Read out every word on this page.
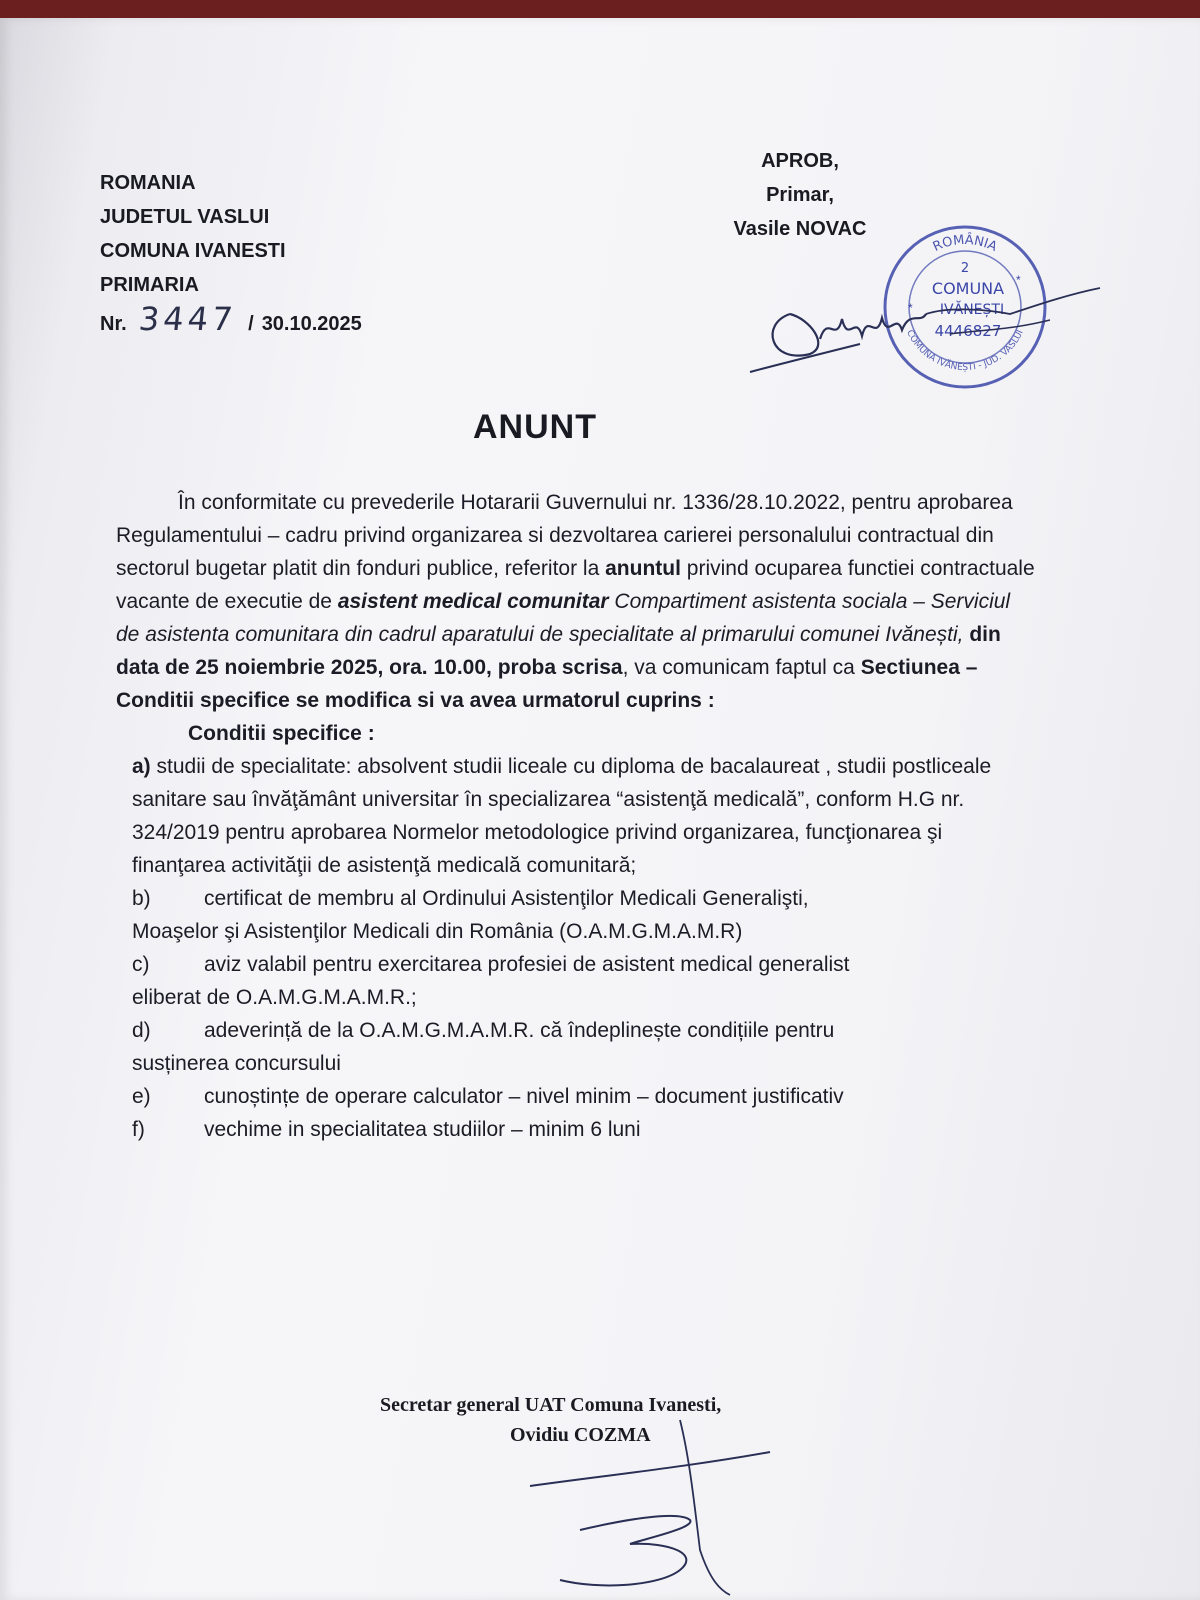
ROMANIA
JUDETUL VASLUI
COMUNA IVANESTI
PRIMARIA
Nr. 3447 / 30.10.2025
APROB,
Primar,
Vasile NOVAC
ROMÂNIA
COMUNA IVĂNEȘTI - JUD. VASLUI
2
COMUNA
IVĂNEȘTI
4446827
*
*
ANUNT

În conformitate cu prevederile Hotararii Guvernului nr. 1336/28.10.2022, pentru aprobarea Regulamentului – cadru privind organizarea si dezvoltarea carierei personalului contractual din sectorul bugetar platit din fonduri publice, referitor la anuntul privind ocuparea functiei contractuale vacante de executie de asistent medical comunitar Compartiment asistenta sociala – Serviciul de asistenta comunitara din cadrul aparatului de specialitate al primarului comunei Ivănești, din data de 25 noiembrie 2025, ora. 10.00, proba scrisa, va comunicam faptul ca Sectiunea – Conditii specifice se modifica si va avea urmatorul cuprins :

Conditii specifice :

a) studii de specialitate: absolvent studii liceale cu diploma de bacalaureat , studii postliceale sanitare sau învăţământ universitar în specializarea “asistenţă medicală”, conform H.G nr. 324/2019 pentru aprobarea Normelor metodologice privind organizarea, funcţionarea şi finanţarea activităţii de asistenţă medicală comunitară;

b)	certificat de membru al Ordinului Asistenţilor Medicali Generalişti,
Moaşelor şi Asistenţilor Medicali din România (O.A.M.G.M.A.M.R)
c)	aviz valabil pentru exercitarea profesiei de asistent medical generalist
eliberat de O.A.M.G.M.A.M.R.;
d)	adeverință de la O.A.M.G.M.A.M.R. că îndeplinește condițiile pentru
susținerea concursului
e)	cunoștințe de operare calculator – nivel minim – document justificativ
f)	vechime in specialitatea studiilor – minim 6 luni
Secretar general UAT Comuna Ivanesti,
Ovidiu COZMA
